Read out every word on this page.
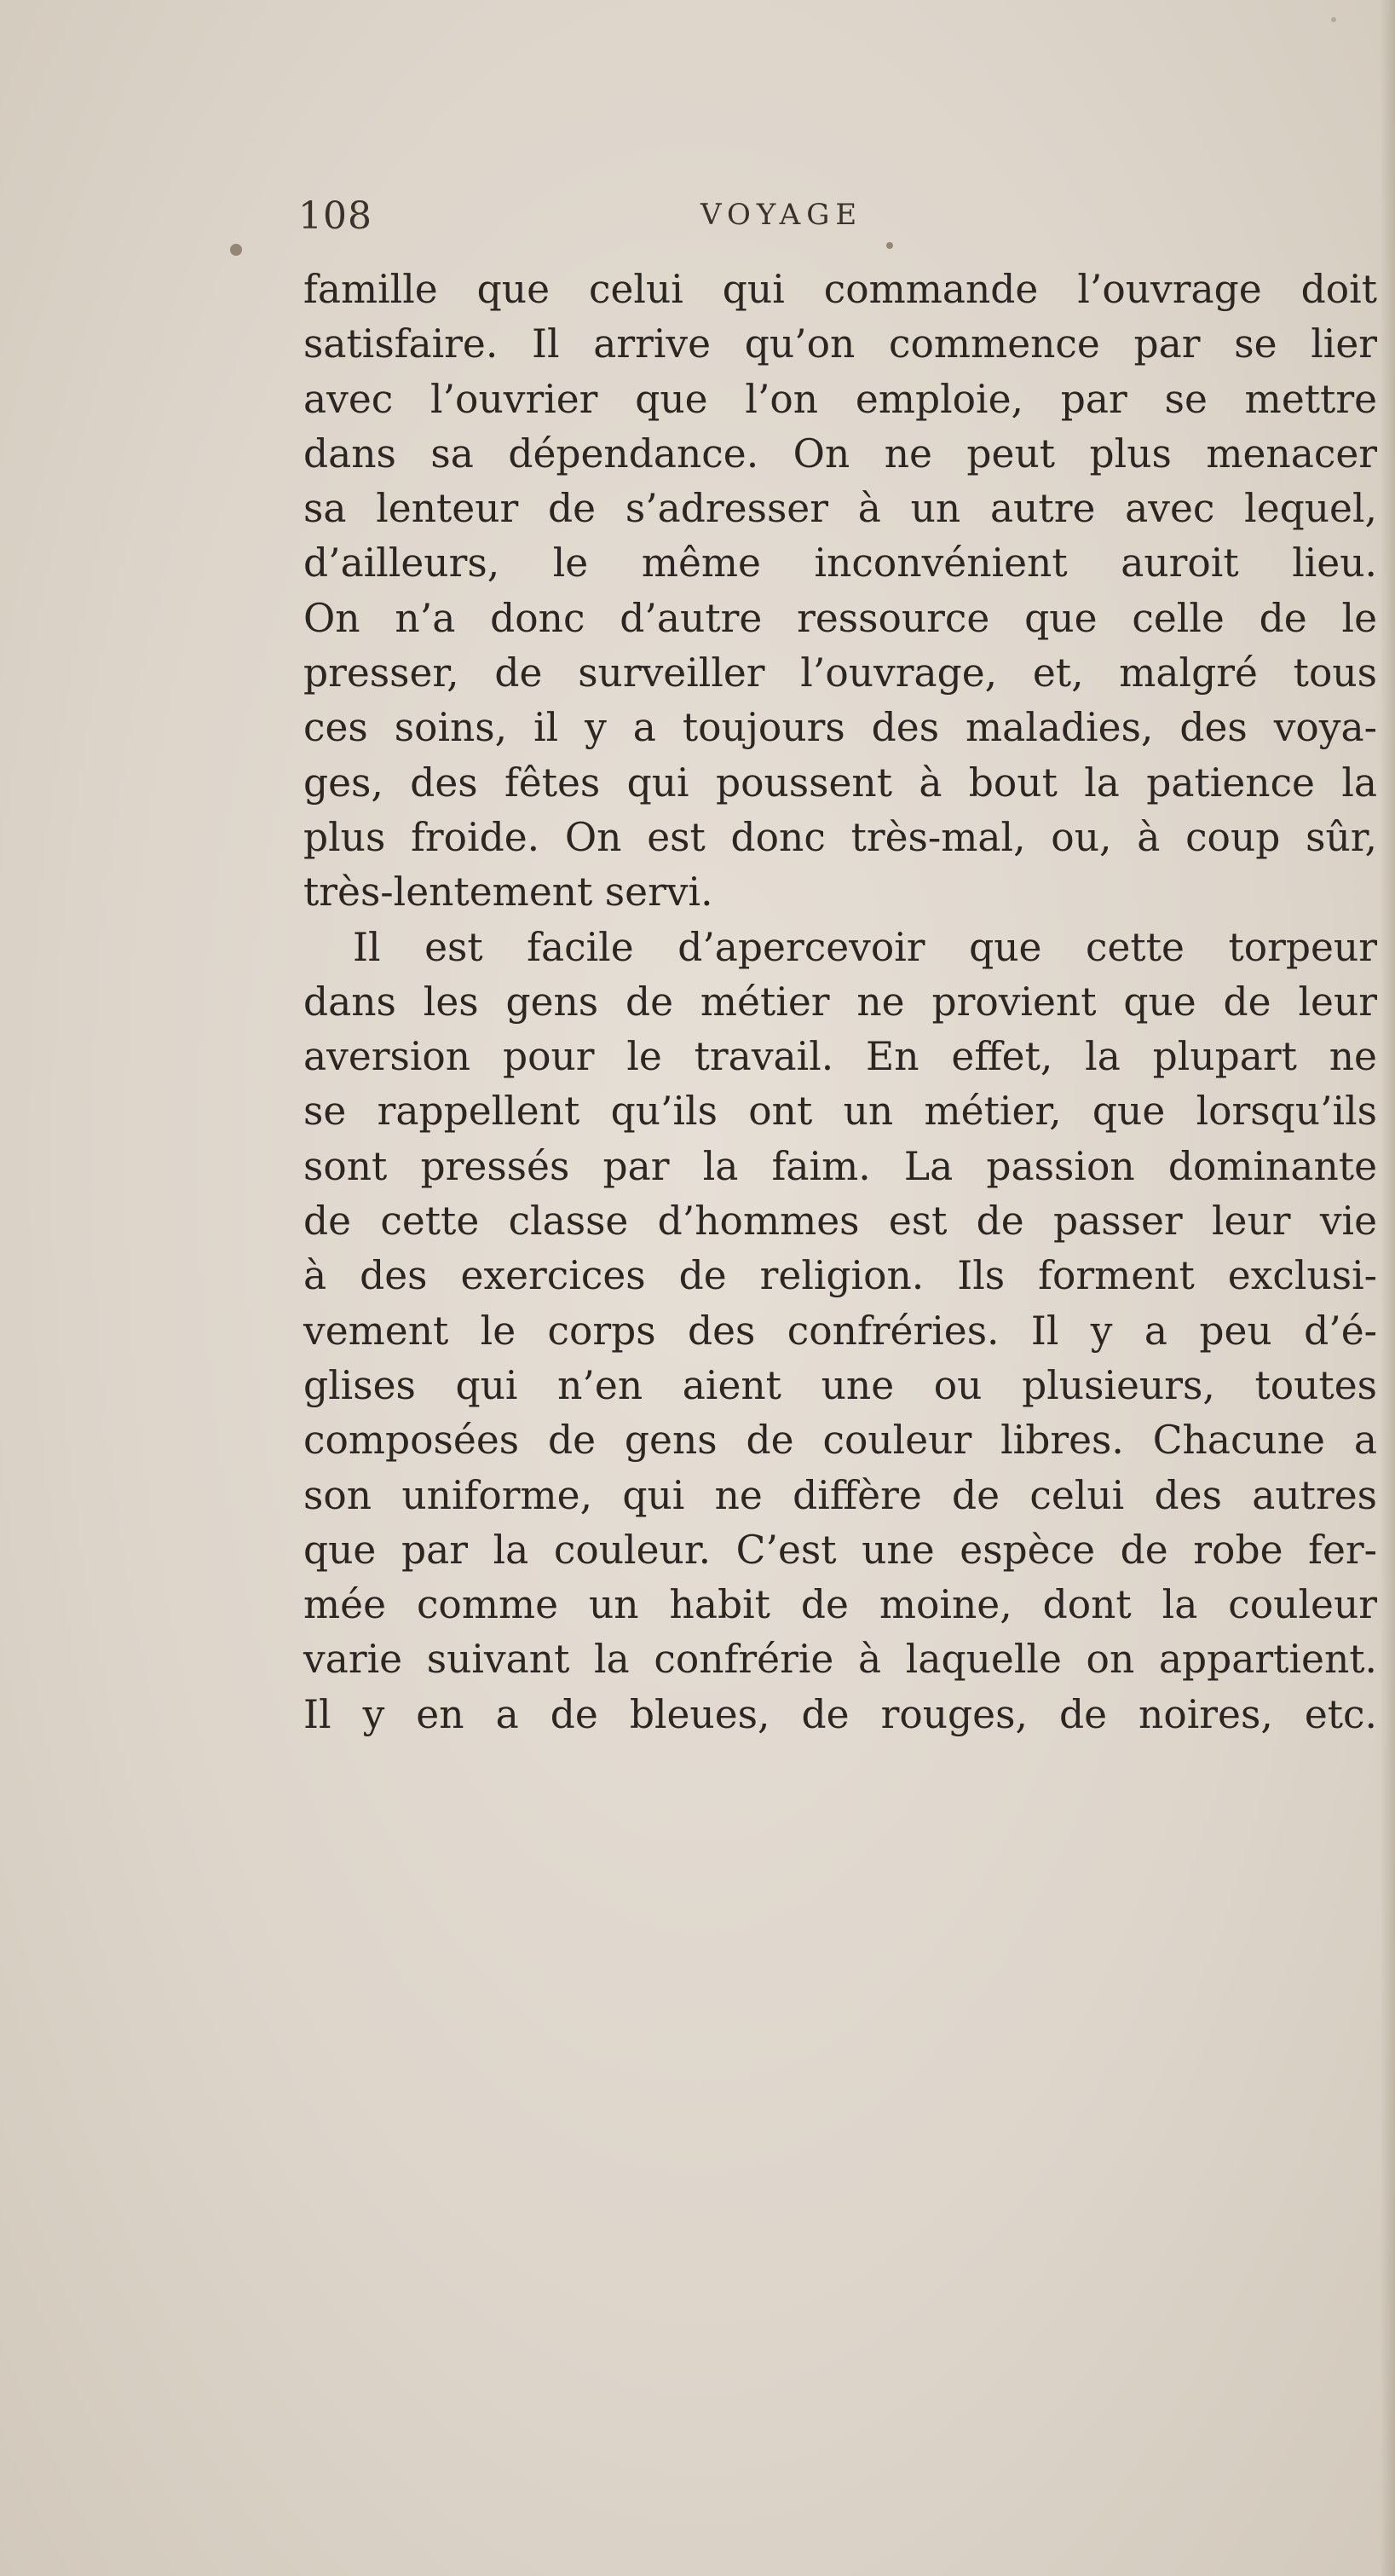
108	VOYAGE
famille que celui qui commande l’ouvrage doit
satisfaire. Il arrive qu’on commence par se lier
avec l’ouvrier que l’on emploie, par se mettre
dans sa dépendance. On ne peut plus menacer
sa lenteur de s’adresser à un autre avec lequel,
d’ailleurs, le même inconvénient auroit lieu.
On n’a donc d’autre ressource que celle de le
presser, de surveiller l’ouvrage, et, malgré tous
ces soins, il y a toujours des maladies, des voya-
ges, des fêtes qui poussent à bout la patience la
plus froide. On est donc très-mal, ou, à coup sûr,
très-lentement servi.
Il est facile d’apercevoir que cette torpeur
dans les gens de métier ne provient que de leur
aversion pour le travail. En effet, la plupart ne
se rappellent qu’ils ont un métier, que lorsqu’ils
sont pressés par la faim. La passion dominante
de cette classe d’hommes est de passer leur vie
à des exercices de religion. Ils forment exclusi-
vement le corps des confréries. Il y a peu d’é-
glises qui n’en aient une ou plusieurs, toutes
composées de gens de couleur libres. Chacune a
son uniforme, qui ne diffère de celui des autres
que par la couleur. C’est une espèce de robe fer-
mée comme un habit de moine, dont la couleur
varie suivant la confrérie à laquelle on appartient.
Il y en a de bleues, de rouges, de noires, etc.
